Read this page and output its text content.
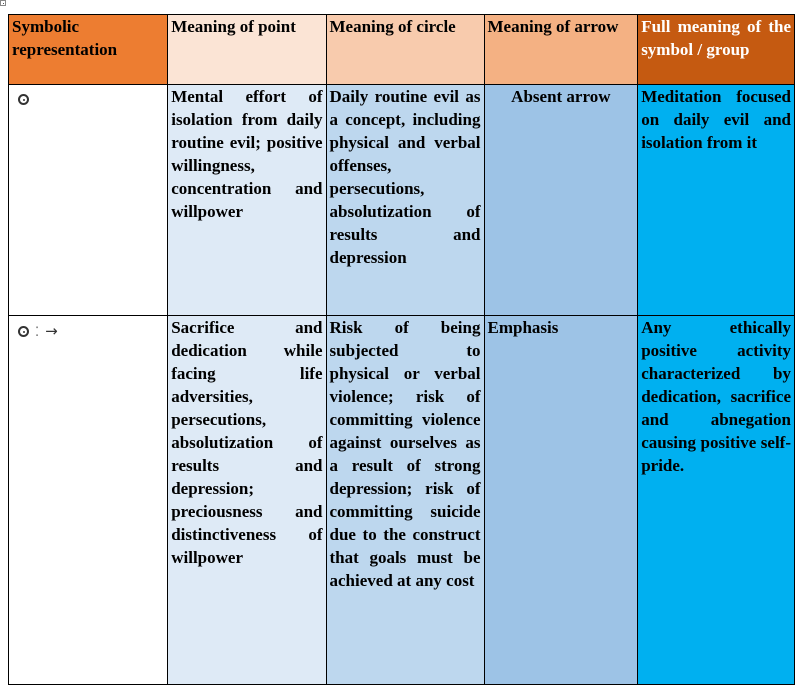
Symbolic representation	Meaning of point	Meaning of circle	Meaning of arrow	Full meaning of the symbol / group

	Mental effort of isolation from daily routine evil; positive willingness, concentration and willpower	Daily routine evil as a concept, including physical and verbal offenses, persecutions, absolutization of results and depression	Absent arrow	Meditation focused on daily evil and isolation from it

⁚ →	Sacrifice and dedication while facing life adversities, persecutions, absolutization of results and depression; preciousness and distinctiveness of willpower	Risk of being subjected to physical or verbal violence; risk of committing violence against ourselves as a result of strong depression; risk of committing suicide due to the construct that goals must be achieved at any cost	Emphasis	Any ethically positive activity characterized by dedication, sacrifice and abnegation causing positive self-pride.
